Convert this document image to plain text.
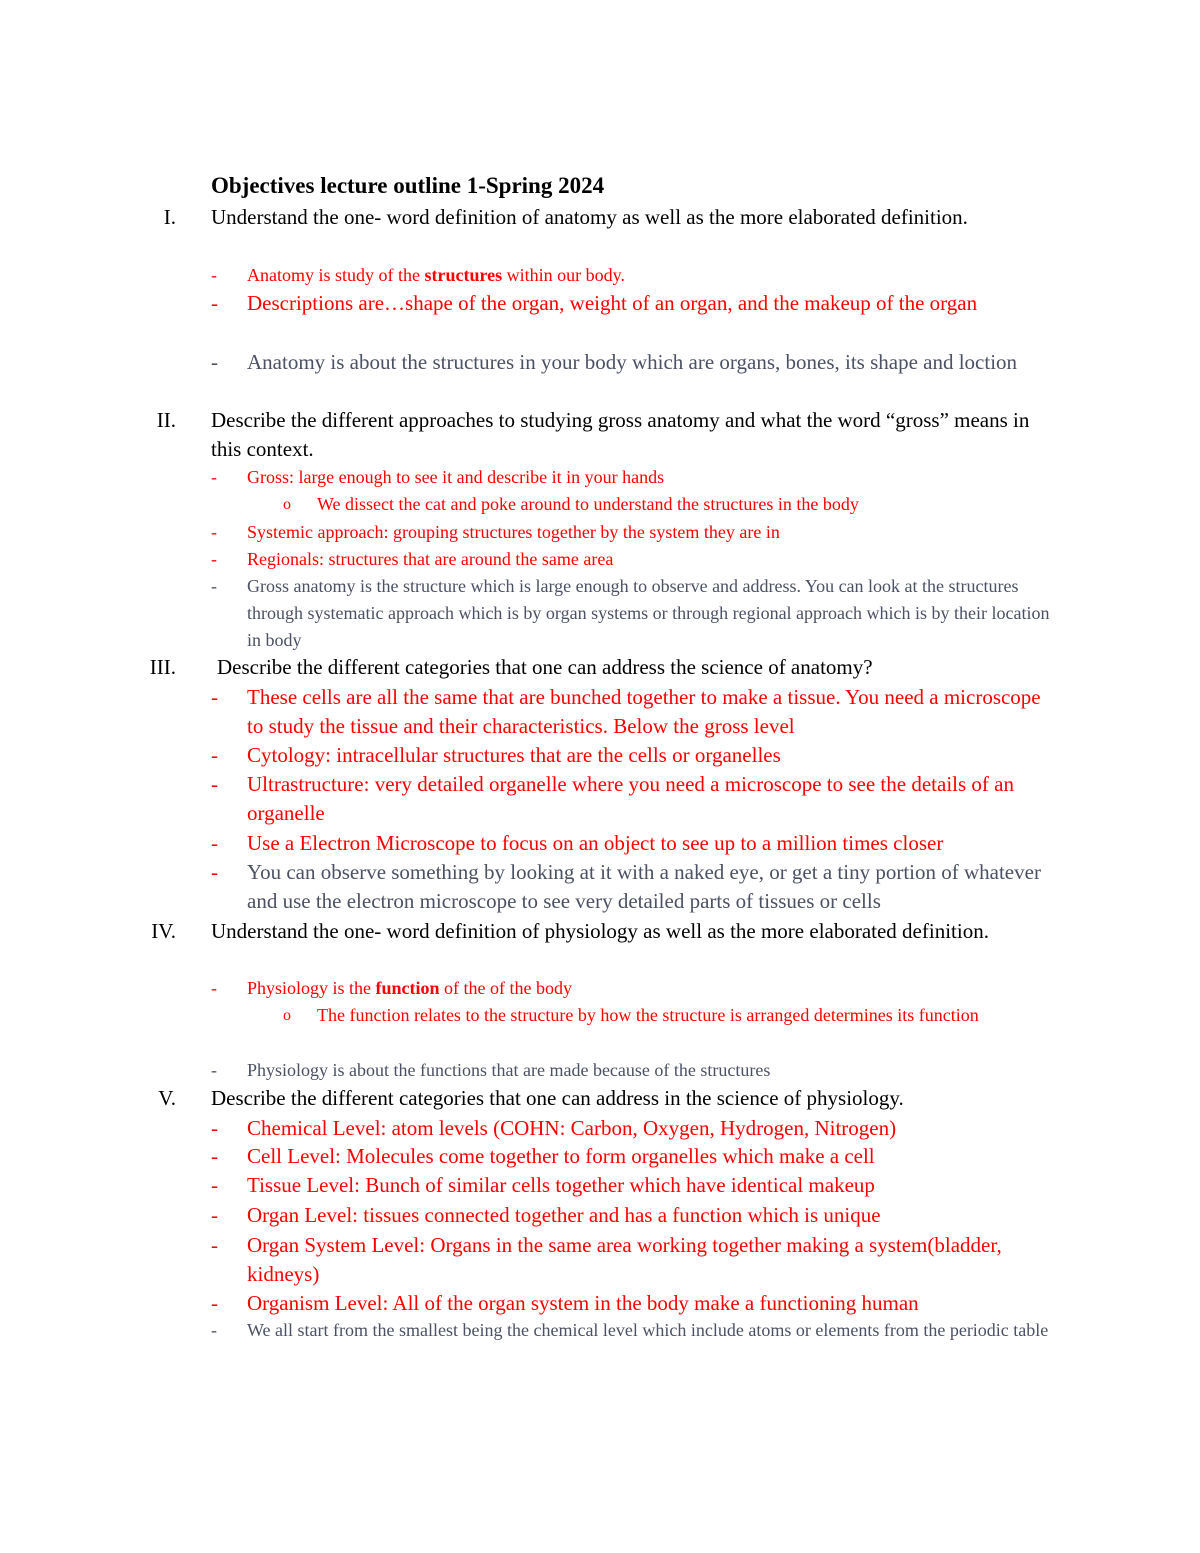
Objectives lecture outline 1-Spring 2024
I. Understand the one- word definition of anatomy as well as the more elaborated definition.
- Anatomy is study of the structures within our body.
- Descriptions are…shape of the organ, weight of an organ, and the makeup of the organ
- Anatomy is about the structures in your body which are organs, bones, its shape and loction
II. Describe the different approaches to studying gross anatomy and what the word “gross” means in this context.
- Gross: large enough to see it and describe it in your hands
o We dissect the cat and poke around to understand the structures in the body
- Systemic approach: grouping structures together by the system they are in
- Regionals: structures that are around the same area
- Gross anatomy is the structure which is large enough to observe and address. You can look at the structures through systematic approach which is by organ systems or through regional approach which is by their location in body
III. Describe the different categories that one can address the science of anatomy?
- These cells are all the same that are bunched together to make a tissue. You need a microscope to study the tissue and their characteristics. Below the gross level
- Cytology: intracellular structures that are the cells or organelles
- Ultrastructure: very detailed organelle where you need a microscope to see the details of an organelle
- Use a Electron Microscope to focus on an object to see up to a million times closer
- You can observe something by looking at it with a naked eye, or get a tiny portion of whatever and use the electron microscope to see very detailed parts of tissues or cells
IV. Understand the one- word definition of physiology as well as the more elaborated definition.
- Physiology is the function of the of the body
o The function relates to the structure by how the structure is arranged determines its function
- Physiology is about the functions that are made because of the structures
V. Describe the different categories that one can address in the science of physiology.
- Chemical Level: atom levels (COHN: Carbon, Oxygen, Hydrogen, Nitrogen)
- Cell Level: Molecules come together to form organelles which make a cell
- Tissue Level: Bunch of similar cells together which have identical makeup
- Organ Level: tissues connected together and has a function which is unique
- Organ System Level: Organs in the same area working together making a system(bladder, kidneys)
- Organism Level: All of the organ system in the body make a functioning human
- We all start from the smallest being the chemical level which include atoms or elements from the periodic table
